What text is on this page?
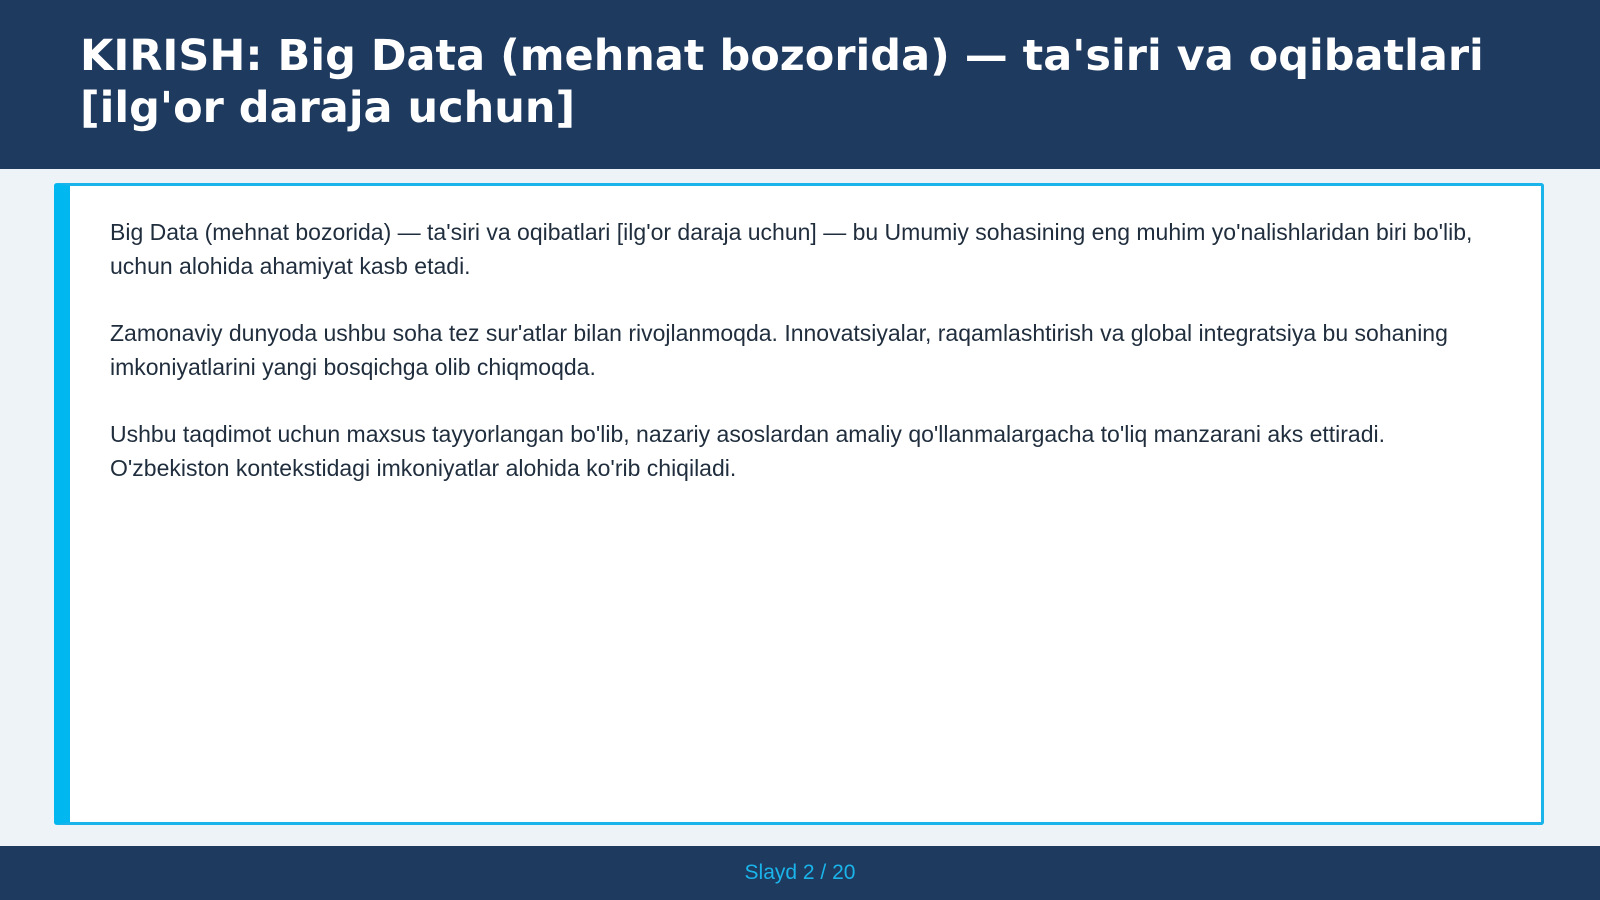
KIRISH: Big Data (mehnat bozorida) — ta'siri va oqibatlari [ilg'or daraja uchun]

Big Data (mehnat bozorida) — ta'siri va oqibatlari [ilg'or daraja uchun] — bu Umumiy sohasining eng muhim yo'nalishlaridan biri bo'lib, uchun alohida ahamiyat kasb etadi.

Zamonaviy dunyoda ushbu soha tez sur'atlar bilan rivojlanmoqda. Innovatsiyalar, raqamlashtirish va global integratsiya bu sohaning imkoniyatlarini yangi bosqichga olib chiqmoqda.

Ushbu taqdimot uchun maxsus tayyorlangan bo'lib, nazariy asoslardan amaliy qo'llanmalargacha to'liq manzarani aks ettiradi. O'zbekiston kontekstidagi imkoniyatlar alohida ko'rib chiqiladi.

Slayd 2 / 20
